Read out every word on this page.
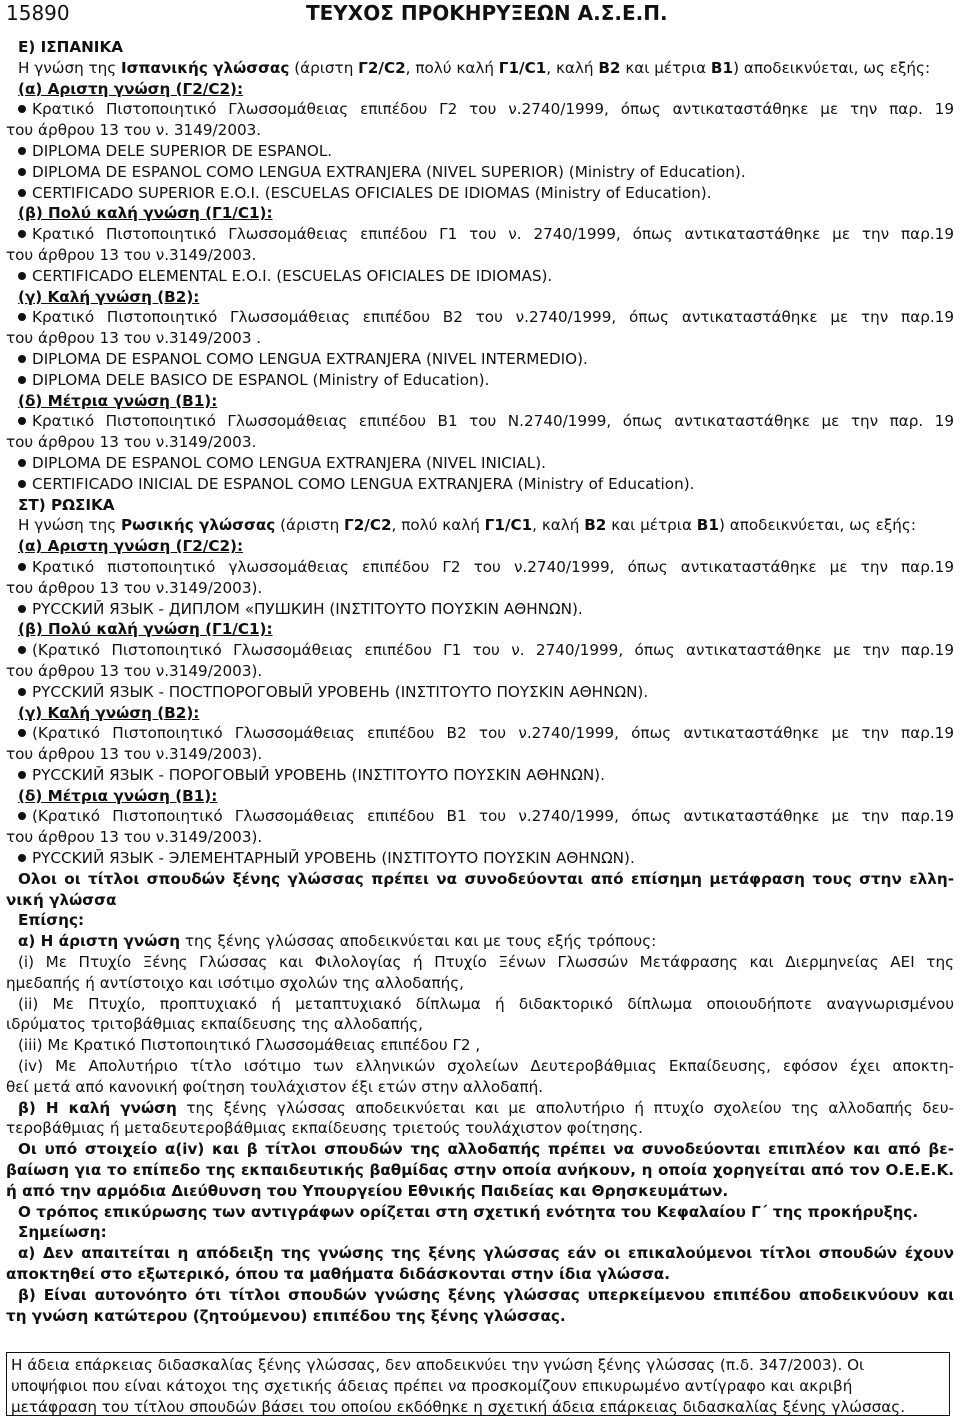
15890	ΤΕΥΧΟΣ ΠΡΟΚΗΡΥΞΕΩΝ Α.Σ.Ε.Π.
Ε) ΙΣΠΑΝΙΚΑ
Η γνώση της Ισπανικής γλώσσας (άριστη Γ2/C2, πολύ καλή Γ1/C1, καλή Β2 και μέτρια Β1) αποδεικνύεται, ως εξής:
(α) Αριστη γνώση (Γ2/C2):
Κρατικό Πιστοποιητικό Γλωσσομάθειας επιπέδου Γ2 του ν.2740/1999, όπως αντικαταστάθηκε με την παρ. 19
του άρθρου 13 του ν. 3149/2003.
DIPLOMA DELE SUPERIOR DE ESPANOL.
DIPLOMA DE ESPANOL COMO LENGUA EXTRANJERA (NIVEL SUPERIOR) (Ministry of Education).
CERTIFICADO SUPERIOR E.O.I. (ESCUELAS OFICIALES DE IDIOMAS (Ministry of Education).
(β) Πολύ καλή γνώση (Γ1/C1):
Κρατικό Πιστοποιητικό Γλωσσομάθειας επιπέδου Γ1 του ν. 2740/1999, όπως αντικαταστάθηκε με την παρ.19
του άρθρου 13 του ν.3149/2003.
CERTIFICADO ELEMENTAL E.O.I. (ESCUELAS OFICIALES DE IDIOMAS).
(γ) Καλή γνώση (Β2):
Κρατικό Πιστοποιητικό Γλωσσομάθειας επιπέδου Β2 του ν.2740/1999, όπως αντικαταστάθηκε με την παρ.19
του άρθρου 13 του ν.3149/2003 .
DIPLOMA DE ESPANOL COMO LENGUA EXTRANJERA (NIVEL INTERMEDIO).
DIPLOMA DELE BASICO DE ESPANOL (Ministry of Education).
(δ) Μέτρια γνώση (Β1):
Κρατικό Πιστοποιητικό Γλωσσομάθειας επιπέδου Β1 του Ν.2740/1999, όπως αντικαταστάθηκε με την παρ. 19
του άρθρου 13 του ν.3149/2003.
DIPLOMA DE ESPANOL COMO LENGUA EXTRANJERA (NIVEL INICIAL).
CERTIFICADO INICIAL DE ESPANOL COMO LENGUA EXTRANJERA (Ministry of Education).
ΣΤ) ΡΩΣΙΚΑ
Η γνώση της Ρωσικής γλώσσας (άριστη Γ2/C2, πολύ καλή Γ1/C1, καλή Β2 και μέτρια Β1) αποδεικνύεται, ως εξής:
(α) Αριστη γνώση (Γ2/C2):
Κρατικό πιστοποιητικό γλωσσομάθειας επιπέδου Γ2 του ν.2740/1999, όπως αντικαταστάθηκε με την παρ.19
του άρθρου 13 του ν.3149/2003).
ΡΥCCΚИЙ ЯЗЫК - ДИПЛОМ «ПУШКИН (ΙΝΣΤΙΤΟΥΤΟ ΠΟΥΣΚΙΝ ΑΘΗΝΩΝ).
(β) Πολύ καλή γνώση (Γ1/C1):
(Κρατικό Πιστοποιητικό Γλωσσομάθειας επιπέδου Γ1 του ν. 2740/1999, όπως αντικαταστάθηκε με την παρ.19
του άρθρου 13 του ν.3149/2003).
ΡΥCCΚИЙ ЯЗЫК - ПОСТПОРОГОВЫЙ УРОВЕНЬ (ΙΝΣΤΙΤΟΥΤΟ ΠΟΥΣΚΙΝ ΑΘΗΝΩΝ).
(γ) Καλή γνώση (Β2):
(Κρατικό Πιστοποιητικό Γλωσσομάθειας επιπέδου Β2 του ν.2740/1999, όπως αντικαταστάθηκε με την παρ.19
του άρθρου 13 του ν.3149/2003).
ΡΥCCΚИЙ ЯЗЫК - ПОРОГОВЫЙ УРОВЕНЬ (ΙΝΣΤΙΤΟΥΤΟ ΠΟΥΣΚΙΝ ΑΘΗΝΩΝ).
(δ) Μέτρια γνώση (Β1):
(Κρατικό Πιστοποιητικό Γλωσσομάθειας επιπέδου Β1 του ν.2740/1999, όπως αντικαταστάθηκε με την παρ.19
του άρθρου 13 του ν.3149/2003).
ΡΥCCΚИЙ ЯЗЫК - ЭЛЕМЕНТАРНЫЙ УРОВЕНЬ (ΙΝΣΤΙΤΟΥΤΟ ΠΟΥΣΚΙΝ ΑΘΗΝΩΝ).
Ολοι οι τίτλοι σπουδών ξένης γλώσσας πρέπει να συνοδεύονται από επίσημη μετάφραση τους στην ελλη-
νική γλώσσα
Επίσης:
α) Η άριστη γνώση της ξένης γλώσσας αποδεικνύεται και με τους εξής τρόπους:
(i) Με Πτυχίο Ξένης Γλώσσας και Φιλολογίας ή Πτυχίο Ξένων Γλωσσών Μετάφρασης και Διερμηνείας ΑΕΙ της
ημεδαπής ή αντίστοιχο και ισότιμο σχολών της αλλοδαπής,
(ii) Με Πτυχίο, προπτυχιακό ή μεταπτυχιακό δίπλωμα ή διδακτορικό δίπλωμα οποιουδήποτε αναγνωρισμένου
ιδρύματος τριτοβάθμιας εκπαίδευσης της αλλοδαπής,
(iii) Με Κρατικό Πιστοποιητικό Γλωσσομάθειας επιπέδου Γ2 ,
(iv) Με Απολυτήριο τίτλο ισότιμο των ελληνικών σχολείων Δευτεροβάθμιας Εκπαίδευσης, εφόσον έχει αποκτη-
θεί μετά από κανονική φοίτηση τουλάχιστον έξι ετών στην αλλοδαπή.
β) Η καλή γνώση της ξένης γλώσσας αποδεικνύεται και με απολυτήριο ή πτυχίο σχολείου της αλλοδαπής δευ-
τεροβάθμιας ή μεταδευτεροβάθμιας εκπαίδευσης τριετούς τουλάχιστον φοίτησης.
Οι υπό στοιχείο α(iv) και β τίτλοι σπουδών της αλλοδαπής πρέπει να συνοδεύονται επιπλέον και από βε-
βαίωση για το επίπεδο της εκπαιδευτικής βαθμίδας στην οποία ανήκουν, η οποία χορηγείται από τον Ο.Ε.Ε.Κ.
ή από την αρμόδια Διεύθυνση του Υπουργείου Εθνικής Παιδείας και Θρησκευμάτων.
Ο τρόπος επικύρωσης των αντιγράφων ορίζεται στη σχετική ενότητα του Κεφαλαίου Γ΄ της προκήρυξης.
Σημείωση:
α) Δεν απαιτείται η απόδειξη της γνώσης της ξένης γλώσσας εάν οι επικαλούμενοι τίτλοι σπουδών έχουν
αποκτηθεί στο εξωτερικό, όπου τα μαθήματα διδάσκονται στην ίδια γλώσσα.
β) Είναι αυτονόητο ότι τίτλοι σπουδών γνώσης ξένης γλώσσας υπερκείμενου επιπέδου αποδεικνύουν και
τη γνώση κατώτερου (ζητούμενου) επιπέδου της ξένης γλώσσας.
Η άδεια επάρκειας διδασκαλίας ξένης γλώσσας, δεν αποδεικνύει την γνώση ξένης γλώσσας (π.δ. 347/2003). Οι
υποψήφιοι που είναι κάτοχοι της σχετικής άδειας πρέπει να προσκομίζουν επικυρωμένο αντίγραφο και ακριβή
μετάφραση του τίτλου σπουδών βάσει του οποίου εκδόθηκε η σχετική άδεια επάρκειας διδασκαλίας ξένης γλώσσας.
